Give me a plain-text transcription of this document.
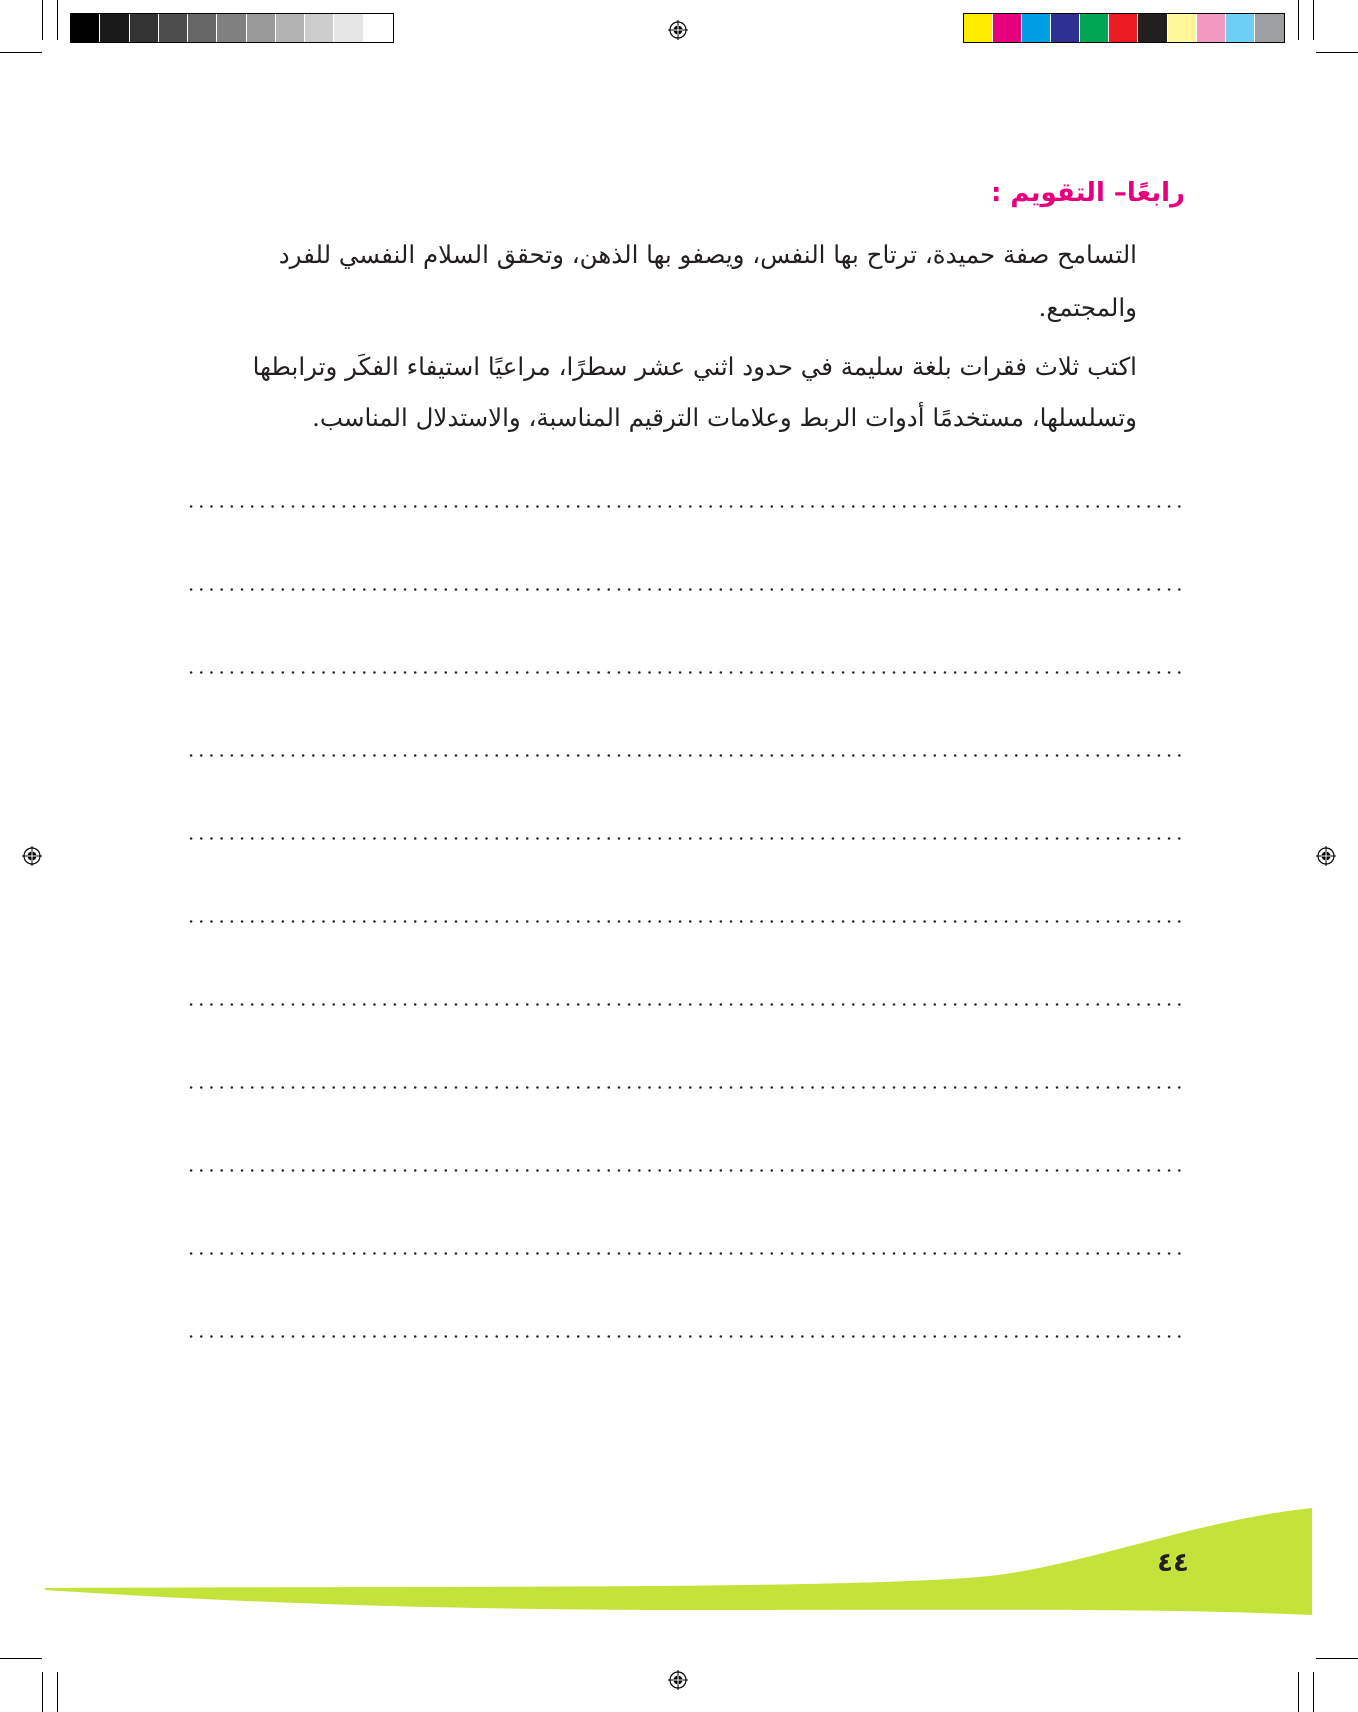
رابعًا– التقويم :
التسامح صفة حميدة، ترتاح بها النفس، ويصفو بها الذهن، وتحقق السلام النفسي للفرد
والمجتمع.
اكتب ثلاث فقرات بلغة سليمة في حدود اثني عشر سطرًا، مراعيًا استيفاء الفكَر وترابطها
وتسلسلها، مستخدمًا أدوات الربط وعلامات الترقيم المناسبة، والاستدلال المناسب.
٤٤
